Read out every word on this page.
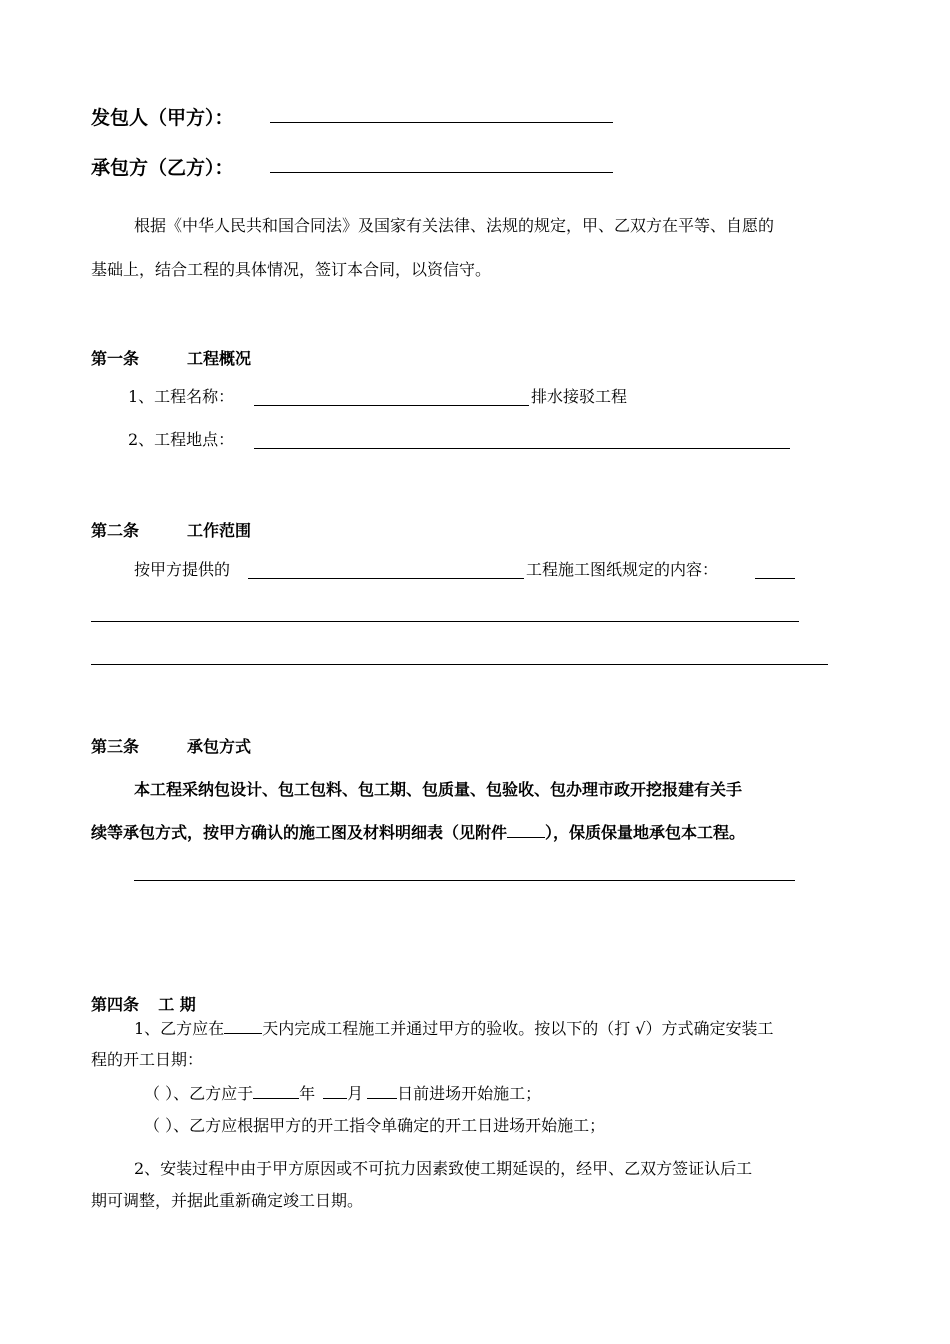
发包人（甲方）：
承包方（乙方）：
根据《中华人民共和国合同法》及国家有关法律、法规的规定，甲、乙双方在平等、自愿的
基础上，结合工程的具体情况，签订本合同，以资信守。
第一条	工程概况
1、工程名称：	排水接驳工程
2、工程地点：
第二条	工作范围
按甲方提供的	工程施工图纸规定的内容：
第三条	承包方式
本工程采纳包设计、包工包料、包工期、包质量、包验收、包办理市政开挖报建有关手
续等承包方式，按甲方确认的施工图及材料明细表（见附件 ），保质保量地承包本工程。
第四条 工 期
1、乙方应在 天内完成工程施工并通过甲方的验收。按以下的（打 √）方式确定安装工
程的开工日期：
（ ）、乙方应于	年 月 日前进场开始施工；
（ ）、乙方应根据甲方的开工指令单确定的开工日进场开始施工；
2、安装过程中由于甲方原因或不可抗力因素致使工期延误的，经甲、乙双方签证认后工
期可调整，并据此重新确定竣工日期。
